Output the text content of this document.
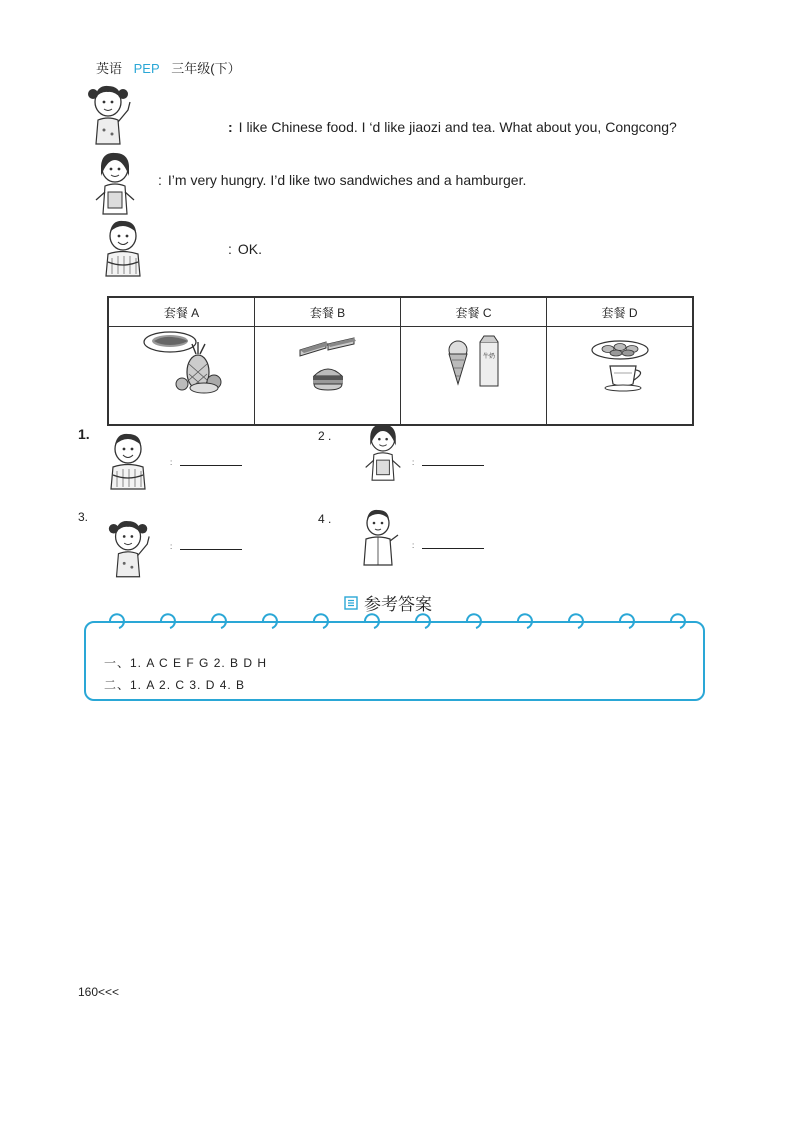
英语 PEP 三年级(下）
: I like Chinese food. I ‘d like jiaozi and tea. What about you, Congcong?
: I’m very hungry. I’d like two sandwiches and a hamburger.
: OK.
套餐 A	套餐 B	套餐 C	套餐 D

牛奶

1.
:
2 .
:
3.
:
4 .
:
参考答案
一、1. A C E F G 2. B D H
二、1. A 2. C 3. D 4. B
160<<<
